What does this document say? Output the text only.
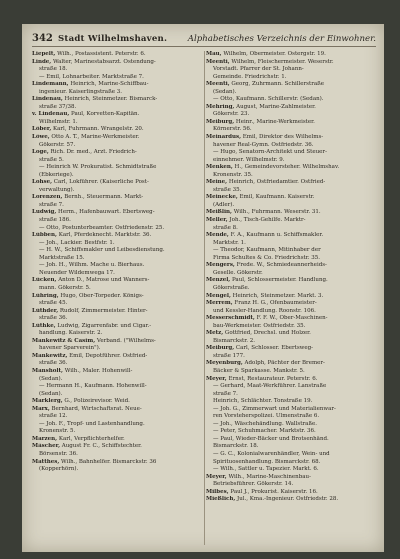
342 Stadt Wilhelmshaven. Alphabetisches Verzeichnis der Einwohner.
Liepelt, Wilh., Postassistent. Peterstr. 6.
Linde, Walter, Marinestabsarzt. Ostendung-
straße 18.
— Emil, Lohnarbeiter. Marktstraße 7.
Lindemann, Heinrich, Marine-Schiffbau-
ingenieur. Kaiserlingstraße 3.
Lindenau, Heinrich, Steinmetzer. Bismarck-
straße 37/38.
v. Lindenau, Paul, Korvetten-Kapitän.
Wilhelmstr. 1.
Löber, Karl, Fuhrmann. Wrangelstr. 20.
Löwe, Otto A. T., Marine-Werkmeister.
Gökerstr. 57.
Loge, Rich. Dr. med., Arzt. Friedrich-
straße 5.
— Heinrich W. Prokuratist. Schmidtstraße
(Ebkeriege).
Lohse, Carl, Lokführer. (Kaiserliche Post-
verwaltung).
Lorenzen, Bernh., Steuermann. Markt-
straße 7.
Ludwig, Herm., Hafenbauwart. Ebertsweg-
straße 186.
— Otto, Postunterbeamter. Ostfriedenstr. 25.
Lübben, Karl, Pferdeknecht. Marktstr. 36.
— Joh., Lackier. Bestfstr. 1.
— H. W., Schiffsmakler und Leibesdienstung.
Marktstraße 15.
— Joh. H., Wilhm. Mache u. Bierhaus.
Neuender Wildemwega 17.
Lücken, Anton D., Matrose und Wanners-
mann. Gökerstr. 5.
Lühring, Hugo, Ober-Torpeder. Königs-
straße 45.
Lüthder, Rudolf, Zimmermeister. Hinter-
straße 36.
Lüthke, Ludwig, Zigarrenfabr. und Cigar.-
handlung. Kaiserstr. 2.
Mankewitz & Casim, Verband. ("Wilhelms-
havener Sparverein").
Mankewitz, Emil, Depotführer. Ostfried-
straße 36.
Mansholt, Wilh., Maler. Hohenwill-
(Sedan).
— Hermann H., Kaufmann. Hohenwill-
(Sedan).
Marklerg, G., Polizeirevisor. Weid.
Marx, Bernhard, Wirtschaftsrat. Neue-
straße 12.
— Joh. F., Tropf- und Lastenhandlung.
Kronenstr. 5.
Marzen, Karl, Verpflichterhelfer.
Mäscher, August Fr. C., Schiffstechter.
Börsenstr. 36.
Matthes, Wilh., Bahnhelfer. Bismarckstr. 36
(Kopperhörn).
Mau, Wilhelm, Obermeister. Ostergstr. 19.
Meenti, Wilhelm, Fleischermeister. Weserstr.
Vorstadt. Pfarrer der St. Johann-
Gemeinde. Friedrichstr. 1.
Meenti, Georg, Zuhrmann. Schillerstraße
(Sedan).
— Otto, Kaufmann. Schillerstr. (Sedan).
Mehring, August, Marine-Zahlmeister.
Gökerstr. 23.
Meiburg, Heinr., Marine-Werkmeister.
Körnerstr. 56.
Meinardus, Emil, Direktor des Wilhelms-
havener Real-Gymn. Ostfriedstr. 36.
— Hugo, Senatorn-Architekt und Steuer-
einnehmer. Wilhelmstr. 9.
Menken, H., Gemeindevorsteher. Wilhelmshav.
Kronenstr. 35.
Meine, Heinrich, Ostfriedamtier. Ostfried-
straße 35.
Meinecke, Emil, Kaufmann. Kaiserstr.
(Adler).
Meißlin, Wilh., Fuhrmann. Weserstr. 31.
Meller, Joh., Tisch-Gehilfe. Marktr-
straße 8.
Mende, F. A., Kaufmann u. Schiffsmakler.
Marktstr. 1.
— Theodor, Kaufmann, Mitinhaber der
Firma Schultes & Co. Friedrichstr. 35.
Mengers, Frede. W., Schmiedeannerheids-
Geselle. Gökerstr.
Menzel, Paul, Schlossermeister. Handlung.
Gökerstraße.
Mengel, Heinrich, Steinmetzer. Markt. 3.
Merrem, Franz H. G., Ofenbaumeister-
und Kessler-Handlung. Roonstr. 106.
Messerschmidt, F. F. W., Ober-Maschinen-
bau-Werkmeister. Ostfriedstr. 35.
Metz, Gottfried, Drechsl. und Holzer.
Bismarckstr. 2.
Meiburg, Carl, Schlosser. Ebertsweg-
straße 177.
Meyenburg, Adolph, Pächter der Bremer-
Bäcker & Sparkasse. Mankstr. 5.
Meyer, Ernst, Restaurateur. Peterstr. 6.
— Gerhard, Maat-Werkführer. Lanstraße
straße 7.
Heinrich, Schlächter. Tonstraße 19.
— Joh. G., Zimmerwart und Materialienwar-
ren Vorsteherspolizei. Ulmenstraße 6.
— Joh., Wäschehändlung. Wallstraße.
— Peter, Schuhmacher. Marktstr. 36.
— Paul, Wieder-Bäcker und Brotsenhänd.
Bismarckstr. 18.
— G. C., Kolonialwarenhändler, Wein- und
Spirituosenhandlung. Bismarckstr. 68.
— Wilh., Sattler u. Tapezier. Markt. 6.
Meyer, Wilh., Marine-Maschinenbau-
Betriebsführer. Gökerstr. 14.
Milbes, Paul J., Prokurist. Kaiserstr. 16.
Mießlich, Jul., Kma.-Ingenieur. Ostfriedstr. 28.
